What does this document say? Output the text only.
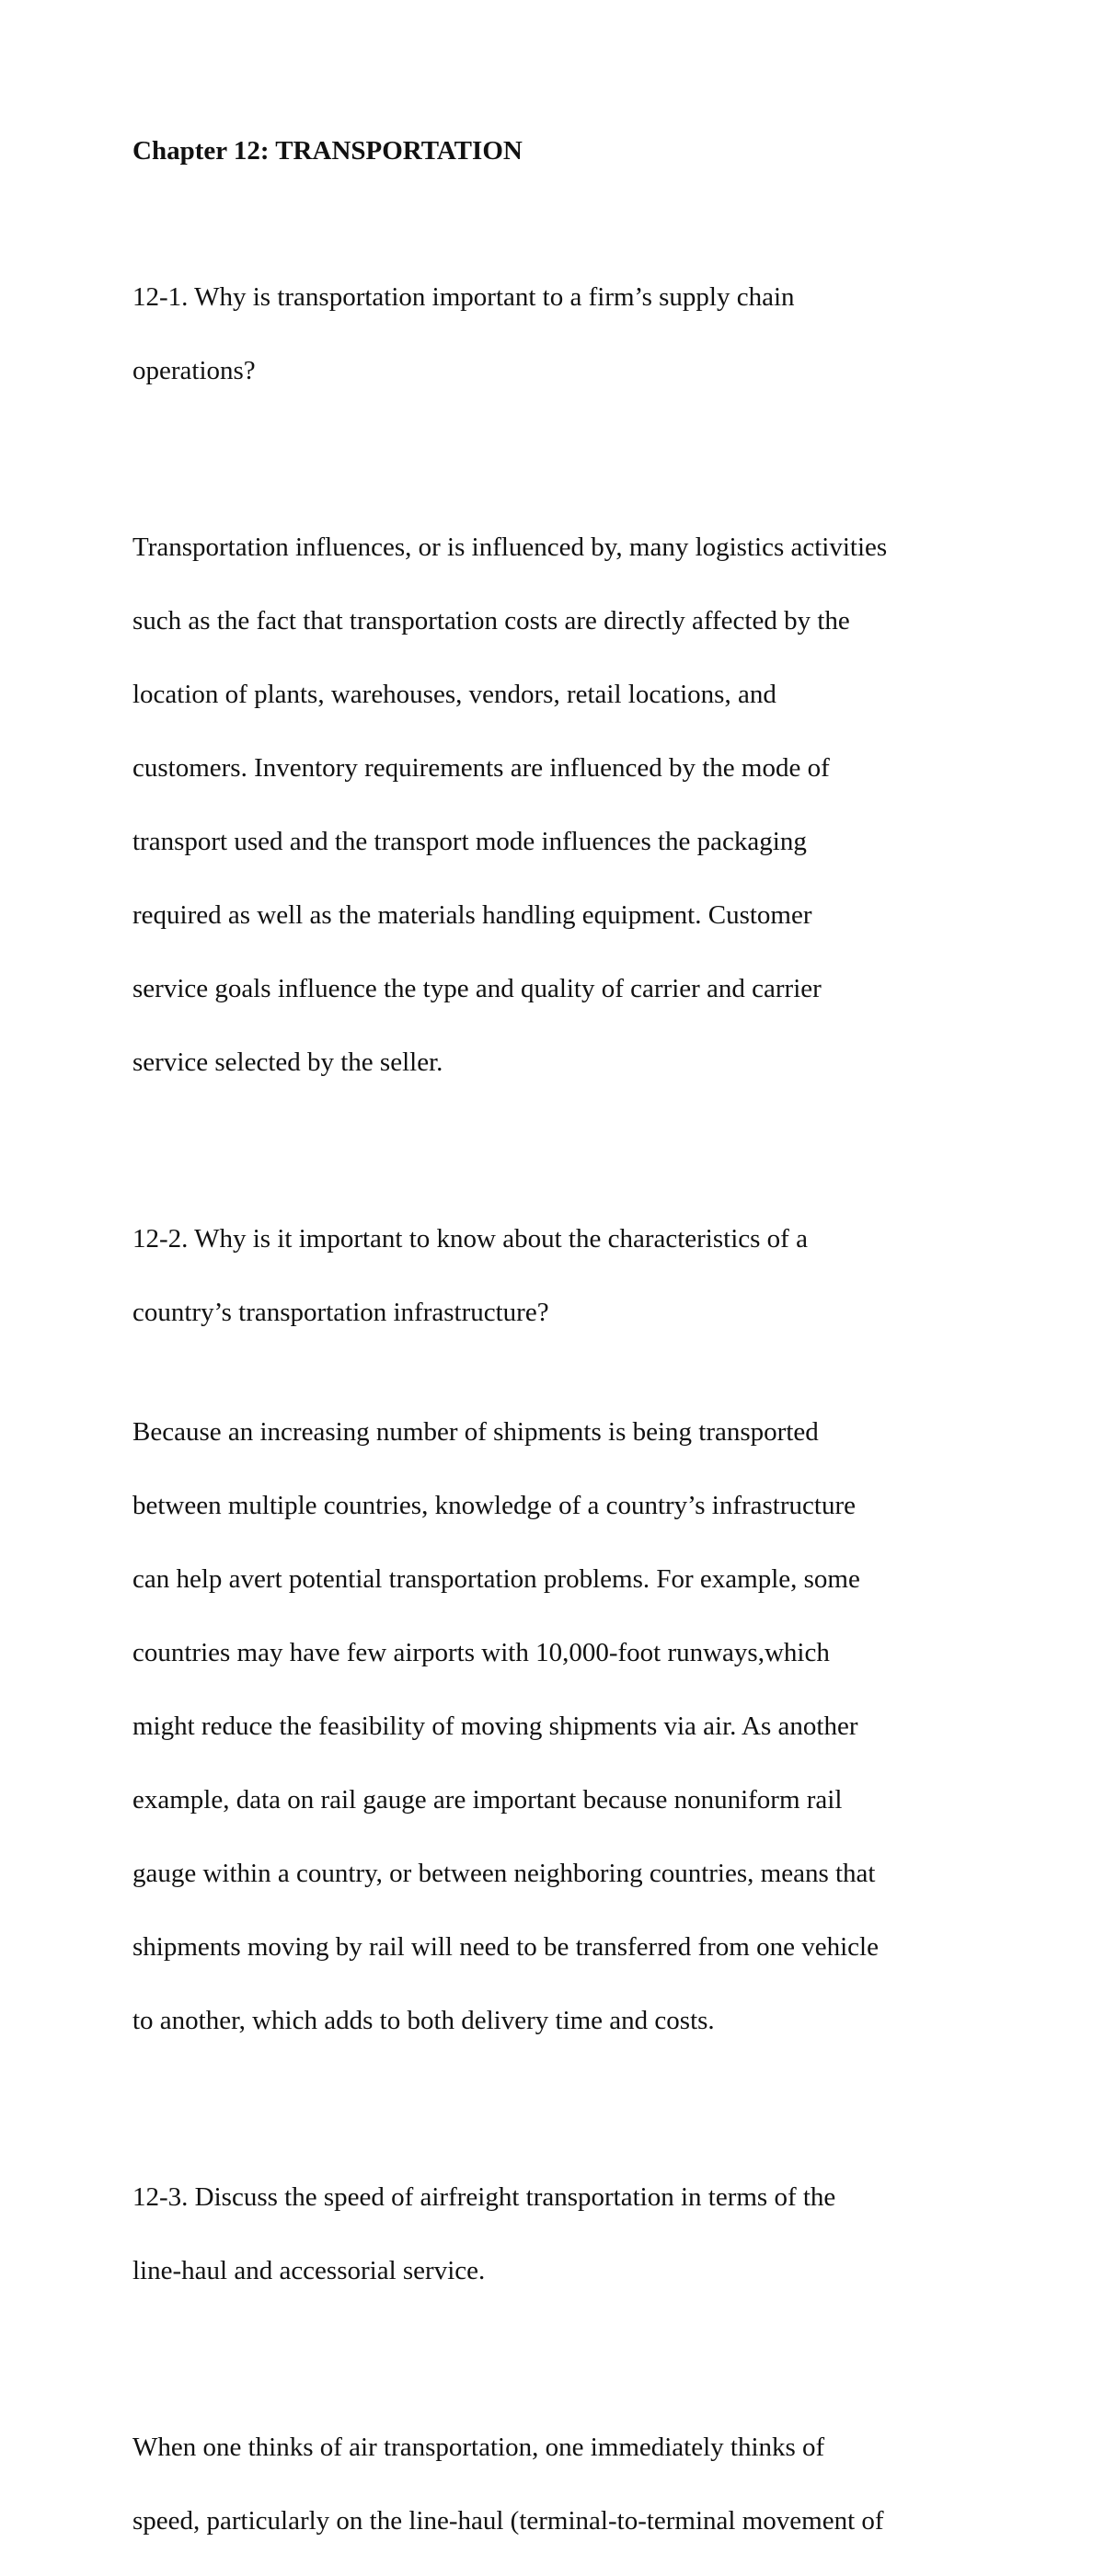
Chapter 12: TRANSPORTATION

12-1. Why is transportation important to a firm’s supply chain

operations?

Transportation influences, or is influenced by, many logistics activities

such as the fact that transportation costs are directly affected by the

location of plants, warehouses, vendors, retail locations, and

customers. Inventory requirements are influenced by the mode of

transport used and the transport mode influences the packaging

required as well as the materials handling equipment. Customer

service goals influence the type and quality of carrier and carrier

service selected by the seller.

12-2. Why is it important to know about the characteristics of a

country’s transportation infrastructure?

Because an increasing number of shipments is being transported

between multiple countries, knowledge of a country’s infrastructure

can help avert potential transportation problems. For example, some

countries may have few airports with 10,000-foot runways,which

might reduce the feasibility of moving shipments via air. As another

example, data on rail gauge are important because nonuniform rail

gauge within a country, or between neighboring countries, means that

shipments moving by rail will need to be transferred from one vehicle

to another, which adds to both delivery time and costs.

12-3. Discuss the speed of airfreight transportation in terms of the

line-haul and accessorial service.

When one thinks of air transportation, one immediately thinks of

speed, particularly on the line-haul (terminal-to-terminal movement of
